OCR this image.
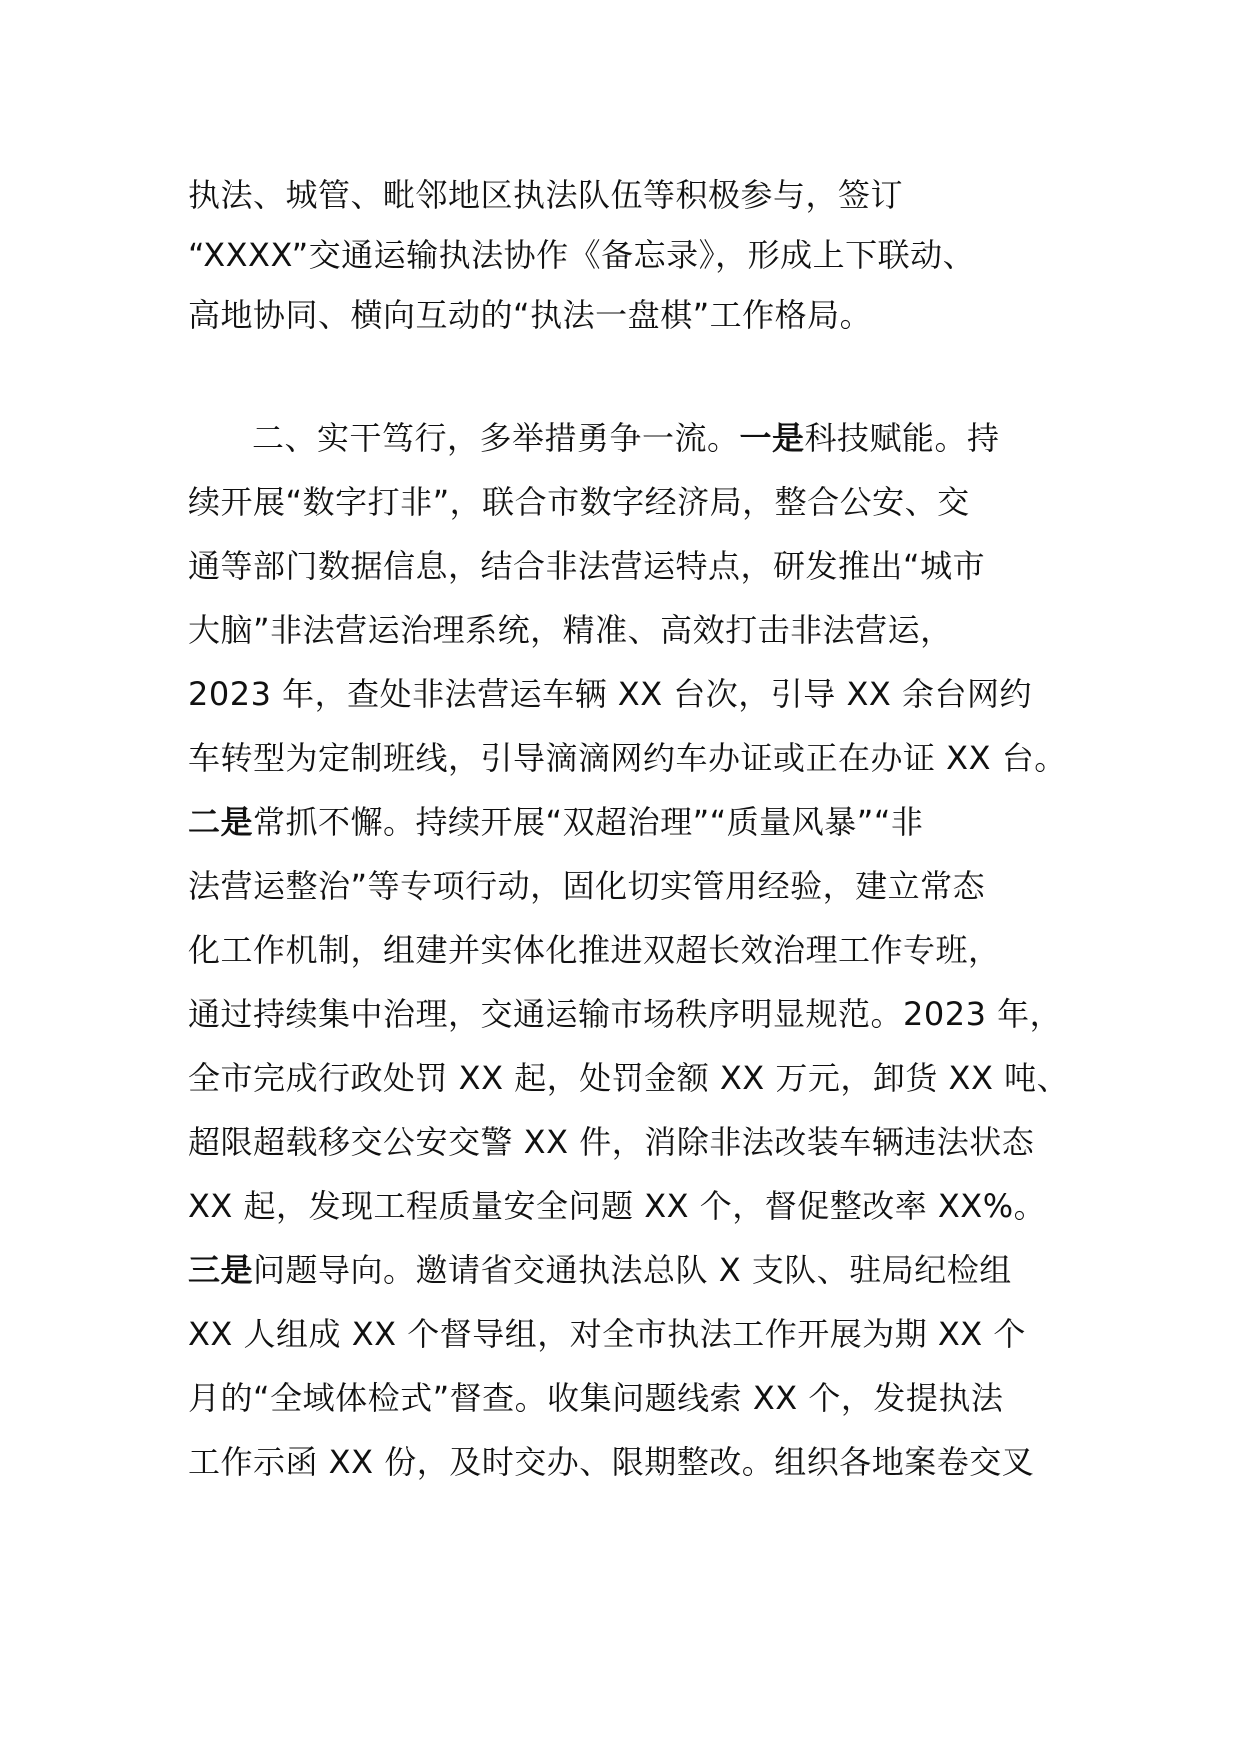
执法、城管、毗邻地区执法队伍等积极参与，签订
“XXXX”交通运输执法协作《备忘录》，形成上下联动、
高地协同、横向互动的“执法一盘棋”工作格局。
二、实干笃行，多举措勇争一流。一是科技赋能。持
续开展“数字打非”，联合市数字经济局，整合公安、交
通等部门数据信息，结合非法营运特点，研发推出“城市
大脑”非法营运治理系统，精准、高效打击非法营运，
2023 年，查处非法营运车辆 XX 台次，引导 XX 余台网约
车转型为定制班线，引导滴滴网约车办证或正在办证 XX 台。
二是常抓不懈。持续开展“双超治理”“质量风暴”“非
法营运整治”等专项行动，固化切实管用经验，建立常态
化工作机制，组建并实体化推进双超长效治理工作专班，
通过持续集中治理，交通运输市场秩序明显规范。2023 年，
全市完成行政处罚 XX 起，处罚金额 XX 万元，卸货 XX 吨、
超限超载移交公安交警 XX 件，消除非法改装车辆违法状态
XX 起，发现工程质量安全问题 XX 个，督促整改率 XX%。
三是问题导向。邀请省交通执法总队 X 支队、驻局纪检组
XX 人组成 XX 个督导组，对全市执法工作开展为期 XX 个
月的“全域体检式”督查。收集问题线索 XX 个，发提执法
工作示函 XX 份，及时交办、限期整改。组织各地案卷交叉
